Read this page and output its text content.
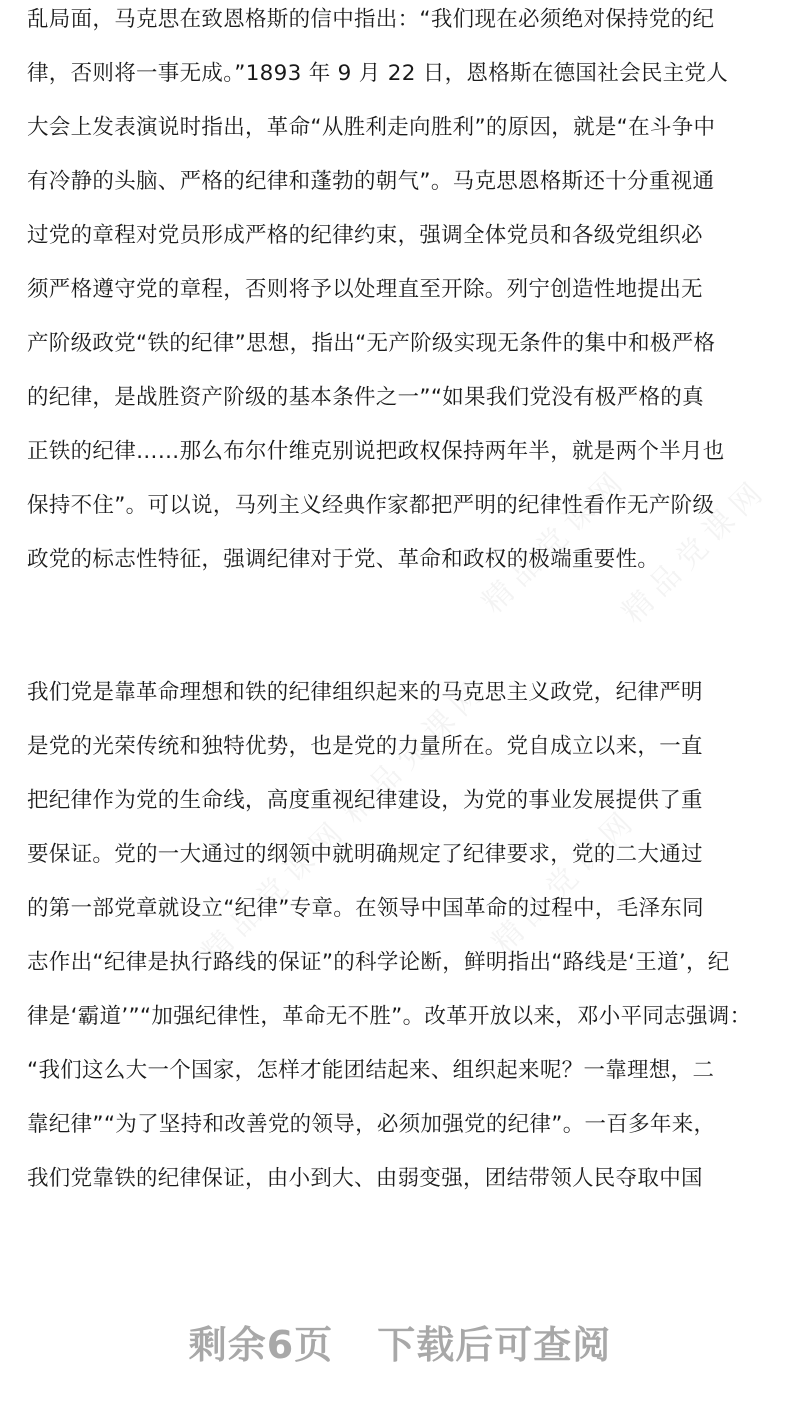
精品党课网
精品党课网
精品党课网
精品党课网
精品党课网
乱局面，马克思在致恩格斯的信中指出：“我们现在必须绝对保持党的纪
律，否则将一事无成。”1893 年 9 月 22 日，恩格斯在德国社会民主党人
大会上发表演说时指出，革命“从胜利走向胜利”的原因，就是“在斗争中
有冷静的头脑、严格的纪律和蓬勃的朝气”。马克思恩格斯还十分重视通
过党的章程对党员形成严格的纪律约束，强调全体党员和各级党组织必
须严格遵守党的章程，否则将予以处理直至开除。列宁创造性地提出无
产阶级政党“铁的纪律”思想，指出“无产阶级实现无条件的集中和极严格
的纪律，是战胜资产阶级的基本条件之一”“如果我们党没有极严格的真
正铁的纪律……那么布尔什维克别说把政权保持两年半，就是两个半月也
保持不住”。可以说，马列主义经典作家都把严明的纪律性看作无产阶级
政党的标志性特征，强调纪律对于党、革命和政权的极端重要性。
我们党是靠革命理想和铁的纪律组织起来的马克思主义政党，纪律严明
是党的光荣传统和独特优势，也是党的力量所在。党自成立以来，一直
把纪律作为党的生命线，高度重视纪律建设，为党的事业发展提供了重
要保证。党的一大通过的纲领中就明确规定了纪律要求，党的二大通过
的第一部党章就设立“纪律”专章。在领导中国革命的过程中，毛泽东同
志作出“纪律是执行路线的保证”的科学论断，鲜明指出“路线是‘王道’，纪
律是‘霸道’”“加强纪律性，革命无不胜”。改革开放以来，邓小平同志强调：
“我们这么大一个国家，怎样才能团结起来、组织起来呢？一靠理想，二
靠纪律”“为了坚持和改善党的领导，必须加强党的纪律”。一百多年来，
我们党靠铁的纪律保证，由小到大、由弱变强，团结带领人民夺取中国
剩余6页 下载后可查阅
